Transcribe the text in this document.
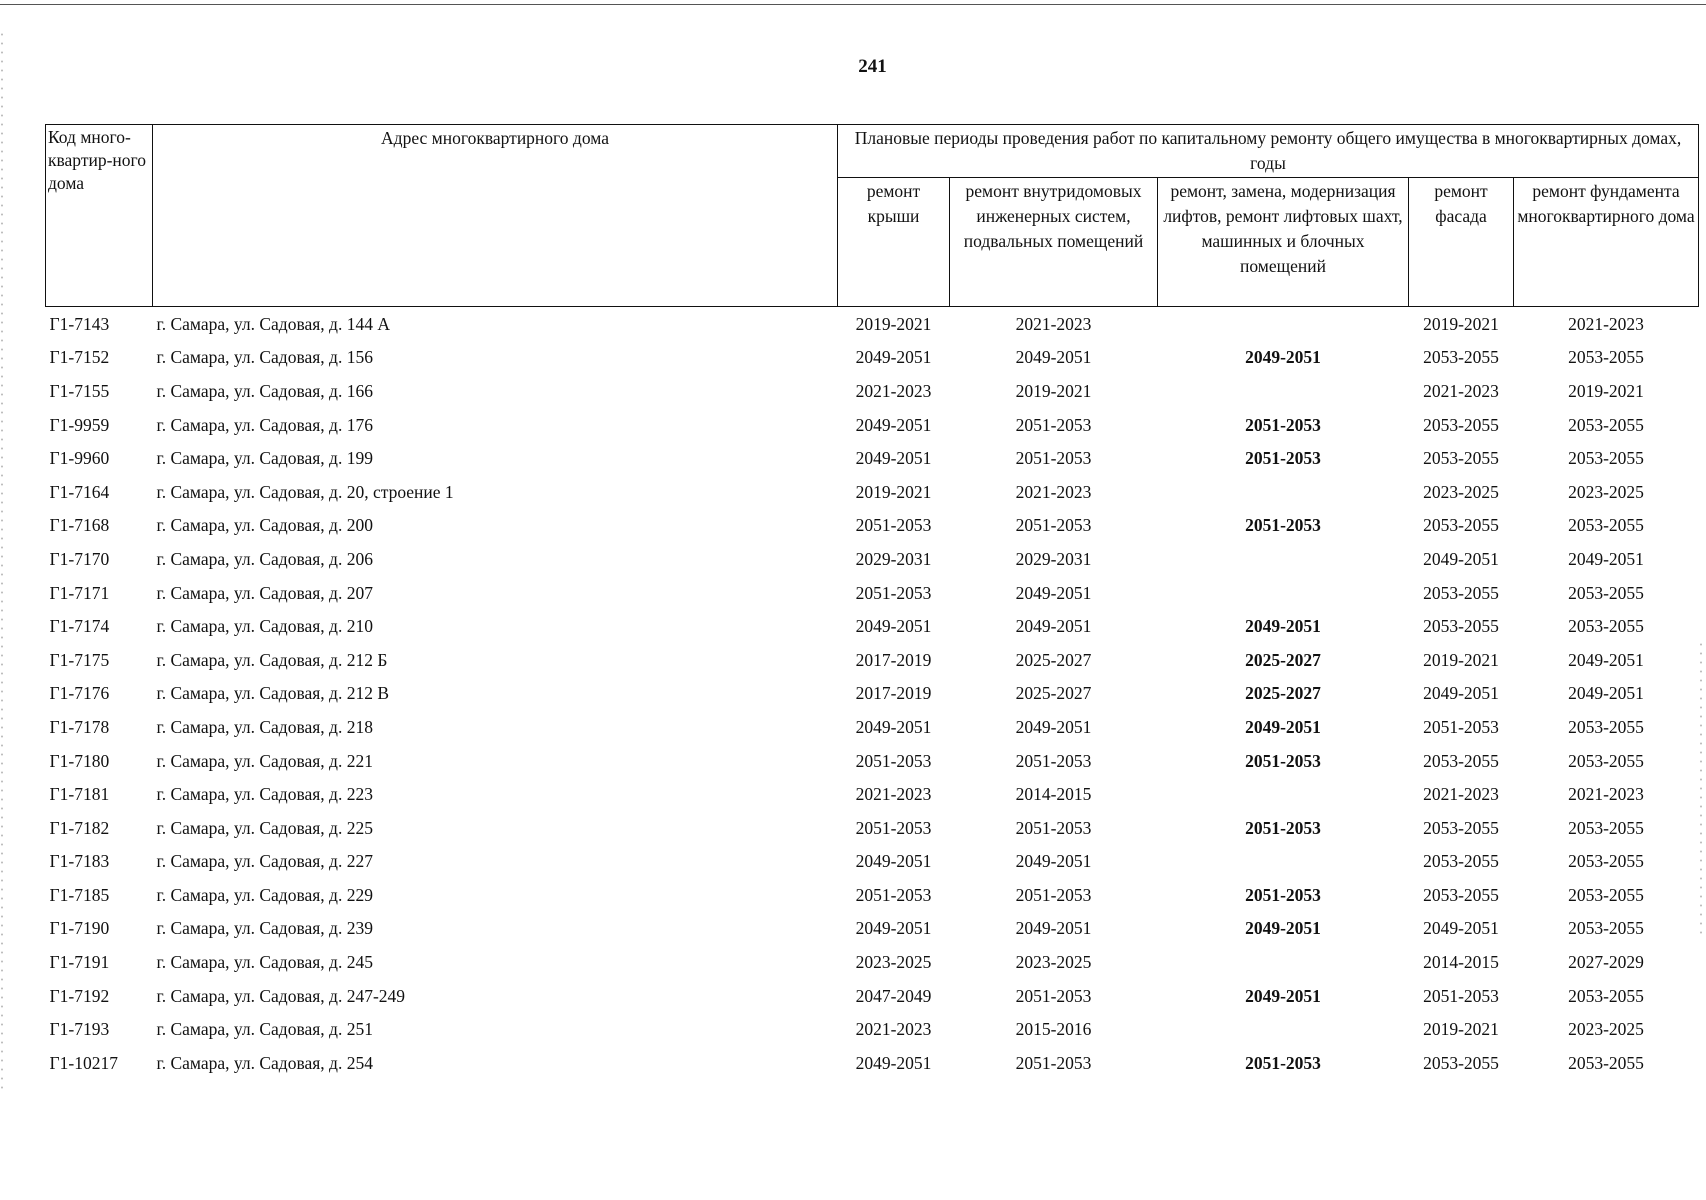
241
Код много-квартир-ного дома	Адрес многоквартирного дома	Плановые периоды проведения работ по капитальному ремонту общего имущества в многоквартирных домах, годы				
		ремонт крыши	ремонт внутридомовых инженерных систем, подвальных помещений	ремонт, замена, модернизация лифтов, ремонт лифтовых шахт, машинных и блочных помещений	ремонт фасада	ремонт фундамента многоквартирного дома
Г1-7143	г. Самара, ул. Садовая, д. 144 А	2019-2021	2021-2023		2019-2021	2021-2023
Г1-7152	г. Самара, ул. Садовая, д. 156	2049-2051	2049-2051	2049-2051	2053-2055	2053-2055
Г1-7155	г. Самара, ул. Садовая, д. 166	2021-2023	2019-2021		2021-2023	2019-2021
Г1-9959	г. Самара, ул. Садовая, д. 176	2049-2051	2051-2053	2051-2053	2053-2055	2053-2055
Г1-9960	г. Самара, ул. Садовая, д. 199	2049-2051	2051-2053	2051-2053	2053-2055	2053-2055
Г1-7164	г. Самара, ул. Садовая, д. 20, строение 1	2019-2021	2021-2023		2023-2025	2023-2025
Г1-7168	г. Самара, ул. Садовая, д. 200	2051-2053	2051-2053	2051-2053	2053-2055	2053-2055
Г1-7170	г. Самара, ул. Садовая, д. 206	2029-2031	2029-2031		2049-2051	2049-2051
Г1-7171	г. Самара, ул. Садовая, д. 207	2051-2053	2049-2051		2053-2055	2053-2055
Г1-7174	г. Самара, ул. Садовая, д. 210	2049-2051	2049-2051	2049-2051	2053-2055	2053-2055
Г1-7175	г. Самара, ул. Садовая, д. 212 Б	2017-2019	2025-2027	2025-2027	2019-2021	2049-2051
Г1-7176	г. Самара, ул. Садовая, д. 212 В	2017-2019	2025-2027	2025-2027	2049-2051	2049-2051
Г1-7178	г. Самара, ул. Садовая, д. 218	2049-2051	2049-2051	2049-2051	2051-2053	2053-2055
Г1-7180	г. Самара, ул. Садовая, д. 221	2051-2053	2051-2053	2051-2053	2053-2055	2053-2055
Г1-7181	г. Самара, ул. Садовая, д. 223	2021-2023	2014-2015		2021-2023	2021-2023
Г1-7182	г. Самара, ул. Садовая, д. 225	2051-2053	2051-2053	2051-2053	2053-2055	2053-2055
Г1-7183	г. Самара, ул. Садовая, д. 227	2049-2051	2049-2051		2053-2055	2053-2055
Г1-7185	г. Самара, ул. Садовая, д. 229	2051-2053	2051-2053	2051-2053	2053-2055	2053-2055
Г1-7190	г. Самара, ул. Садовая, д. 239	2049-2051	2049-2051	2049-2051	2049-2051	2053-2055
Г1-7191	г. Самара, ул. Садовая, д. 245	2023-2025	2023-2025		2014-2015	2027-2029
Г1-7192	г. Самара, ул. Садовая, д. 247-249	2047-2049	2051-2053	2049-2051	2051-2053	2053-2055
Г1-7193	г. Самара, ул. Садовая, д. 251	2021-2023	2015-2016		2019-2021	2023-2025
Г1-10217	г. Самара, ул. Садовая, д. 254	2049-2051	2051-2053	2051-2053	2053-2055	2053-2055
